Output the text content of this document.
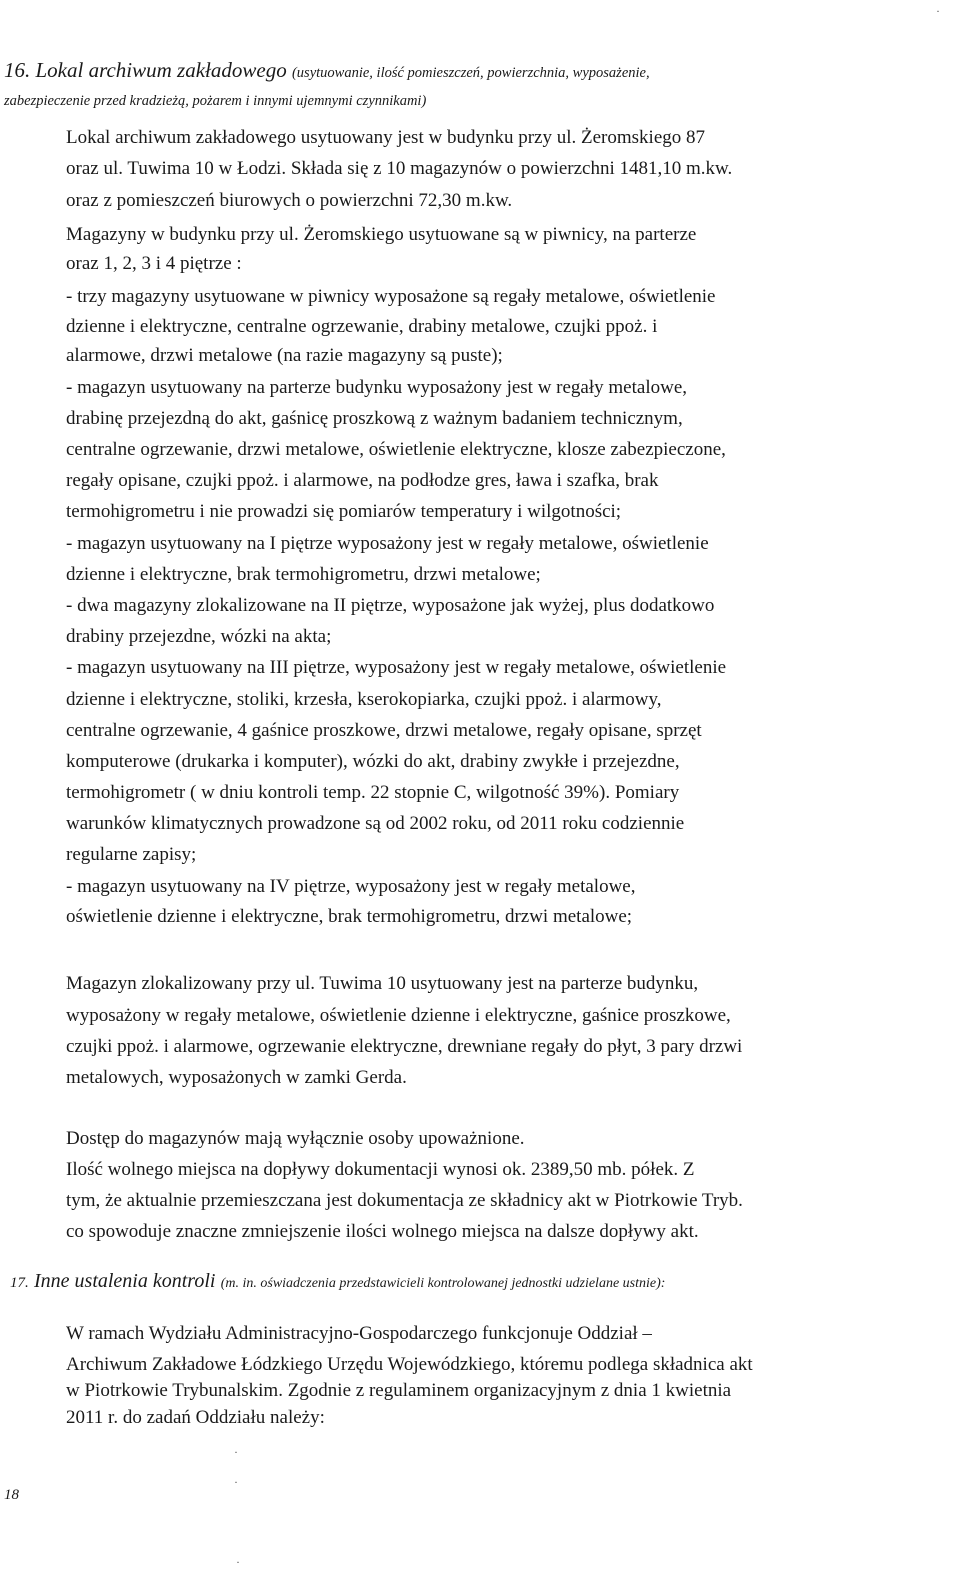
16. Lokal archiwum zakładowego (usytuowanie, ilość pomieszczeń, powierzchnia, wyposażenie,
zabezpieczenie przed kradzieżą, pożarem i innymi ujemnymi czynnikami)
Lokal archiwum zakładowego usytuowany jest w budynku przy ul. Żeromskiego 87
oraz ul. Tuwima 10 w Łodzi. Składa się z 10 magazynów o powierzchni 1481,10 m.kw.
oraz z pomieszczeń biurowych o powierzchni 72,30 m.kw.
Magazyny w budynku przy ul. Żeromskiego usytuowane są w piwnicy, na parterze
oraz 1, 2, 3 i 4 piętrze :
- trzy magazyny usytuowane w piwnicy wyposażone są regały metalowe, oświetlenie
dzienne i elektryczne, centralne ogrzewanie, drabiny metalowe, czujki ppoż. i
alarmowe, drzwi metalowe (na razie magazyny są puste);
- magazyn usytuowany na parterze budynku wyposażony jest w regały metalowe,
drabinę przejezdną do akt, gaśnicę proszkową z ważnym badaniem technicznym,
centralne ogrzewanie, drzwi metalowe, oświetlenie elektryczne, klosze zabezpieczone,
regały opisane, czujki ppoż. i alarmowe, na podłodze gres, ława i szafka, brak
termohigrometru i nie prowadzi się pomiarów temperatury i wilgotności;
- magazyn usytuowany na I piętrze wyposażony jest w regały metalowe, oświetlenie
dzienne i elektryczne, brak termohigrometru, drzwi metalowe;
- dwa magazyny zlokalizowane na II piętrze, wyposażone jak wyżej, plus dodatkowo
drabiny przejezdne, wózki na akta;
- magazyn usytuowany na III piętrze, wyposażony jest w regały metalowe, oświetlenie
dzienne i elektryczne, stoliki, krzesła, kserokopiarka, czujki ppoż. i alarmowy,
centralne ogrzewanie, 4 gaśnice proszkowe, drzwi metalowe, regały opisane, sprzęt
komputerowe (drukarka i komputer), wózki do akt, drabiny zwykłe i przejezdne,
termohigrometr ( w dniu kontroli temp. 22 stopnie C, wilgotność 39%). Pomiary
warunków klimatycznych prowadzone są od 2002 roku, od 2011 roku codziennie
regularne zapisy;
- magazyn usytuowany na IV piętrze, wyposażony jest w regały metalowe,
oświetlenie dzienne i elektryczne, brak termohigrometru, drzwi metalowe;
Magazyn zlokalizowany przy ul. Tuwima 10 usytuowany jest na parterze budynku,
wyposażony w regały metalowe, oświetlenie dzienne i elektryczne, gaśnice proszkowe,
czujki ppoż. i alarmowe, ogrzewanie elektryczne, drewniane regały do płyt, 3 pary drzwi
metalowych, wyposażonych w zamki Gerda.
Dostęp do magazynów mają wyłącznie osoby upoważnione.
Ilość wolnego miejsca na dopływy dokumentacji wynosi ok. 2389,50 mb. półek. Z
tym, że aktualnie przemieszczana jest dokumentacja ze składnicy akt w Piotrkowie Tryb.
co spowoduje znaczne zmniejszenie ilości wolnego miejsca na dalsze dopływy akt.
17. Inne ustalenia kontroli (m. in. oświadczenia przedstawicieli kontrolowanej jednostki udzielane ustnie):
W ramach Wydziału Administracyjno-Gospodarczego funkcjonuje Oddział –
Archiwum Zakładowe Łódzkiego Urzędu Wojewódzkiego, któremu podlega składnica akt
w Piotrkowie Trybunalskim. Zgodnie z regulaminem organizacyjnym z dnia 1 kwietnia
2011 r. do zadań Oddziału należy:
·
·
·
·
18
